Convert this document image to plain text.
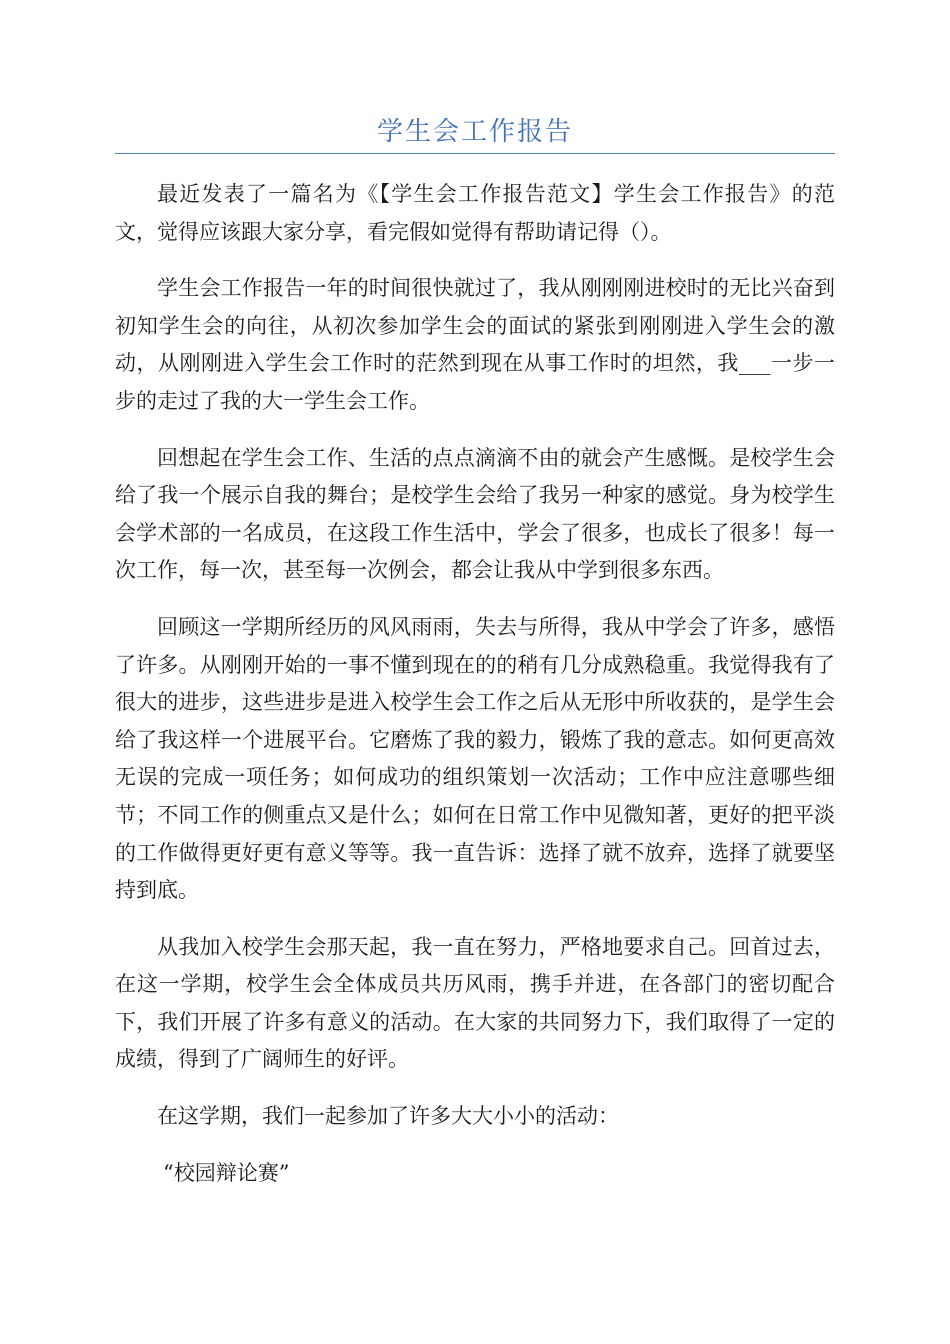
学生会工作报告

最近发表了一篇名为《【学生会工作报告范文】学生会工作报告》的范文，觉得应该跟大家分享，看完假如觉得有帮助请记得（）。

学生会工作报告一年的时间很快就过了，我从刚刚刚进校时的无比兴奋到初知学生会的向往，从初次参加学生会的面试的紧张到刚刚进入学生会的激动，从刚刚进入学生会工作时的茫然到现在从事工作时的坦然，我___一步一步的走过了我的大一学生会工作。

回想起在学生会工作、生活的点点滴滴不由的就会产生感慨。是校学生会给了我一个展示自我的舞台；是校学生会给了我另一种家的感觉。身为校学生会学术部的一名成员，在这段工作生活中，学会了很多，也成长了很多！每一次工作，每一次，甚至每一次例会，都会让我从中学到很多东西。

回顾这一学期所经历的风风雨雨，失去与所得，我从中学会了许多，感悟了许多。从刚刚开始的一事不懂到现在的的稍有几分成熟稳重。我觉得我有了很大的进步，这些进步是进入校学生会工作之后从无形中所收获的，是学生会给了我这样一个进展平台。它磨炼了我的毅力，锻炼了我的意志。如何更高效无误的完成一项任务；如何成功的组织策划一次活动；工作中应注意哪些细节；不同工作的侧重点又是什么；如何在日常工作中见微知著，更好的把平淡的工作做得更好更有意义等等。我一直告诉：选择了就不放弃，选择了就要坚持到底。

从我加入校学生会那天起，我一直在努力，严格地要求自己。回首过去，在这一学期，校学生会全体成员共历风雨，携手并进，在各部门的密切配合下，我们开展了许多有意义的活动。在大家的共同努力下，我们取得了一定的成绩，得到了广阔师生的好评。

在这学期，我们一起参加了许多大大小小的活动：

“校园辩论赛”
